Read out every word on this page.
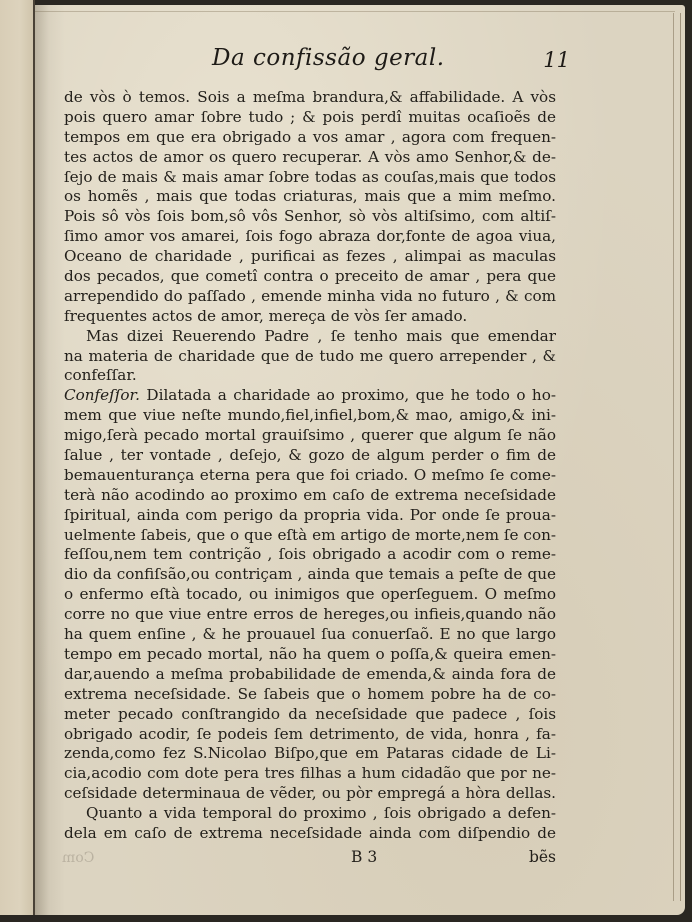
Da confissão geral.	11
de vòs ò temos. Sois a meſma brandura,& affabilidade. A vòs
pois quero amar ſobre tudo ; & pois perdî muitas ocaſioẽs de
tempos em que era obrigado a vos amar , agora com frequen-
tes actos de amor os quero recuperar. A vòs amo Senhor,& de-
ſejo de mais & mais amar ſobre todas as couſas,mais que todos
os homẽs , mais que todas criaturas, mais que a mim meſmo.
Pois sô vòs ſois bom,sô vôs Senhor, sò vòs altiſsimo, com altiſ-
ſimo amor vos amarei, ſois fogo abraza dor,fonte de agoa viua,
Oceano de charidade , purificai as fezes , alimpai as maculas
dos pecados, que cometî contra o preceito de amar , pera que
arrependido do paſſado , emende minha vida no futuro , & com
frequentes actos de amor, mereça de vòs ſer amado.
Mas dizei Reuerendo Padre , ſe tenho mais que emendar
na materia de charidade que de tudo me quero arrepender , &
confeſſar.
Confeſſor. Dilatada a charidade ao proximo, que he todo o ho-
mem que viue neſte mundo,fiel,infiel,bom,& mao, amigo,& ini-
migo,ſerà pecado mortal grauiſsimo , querer que algum ſe não
ſalue , ter vontade , deſejo, & gozo de algum perder o fim de
bemauenturança eterna pera que foi criado. O meſmo ſe come-
terà não acodindo ao proximo em caſo de extrema neceſsidade
ſpiritual, ainda com perigo da propria vida. Por onde ſe proua-
uelmente ſabeis, que o que eſtà em artigo de morte,nem ſe con-
feſſou,nem tem contrição , ſois obrigado a acodir com o reme-
dio da confiſsão,ou contriçam , ainda que temais a peſte de que
o enfermo eſtà tocado, ou inimigos que operſeguem. O meſmo
corre no que viue entre erros de hereges,ou infieis,quando não
ha quem enſine , & he prouauel ſua conuerſaõ. E no que largo
tempo em pecado mortal, não ha quem o poſſa,& queira emen-
dar,auendo a meſma probabilidade de emenda,& ainda fora de
extrema neceſsidade. Se ſabeis que o homem pobre ha de co-
meter pecado conſtrangido da neceſsidade que padece , ſois
obrigado acodir, ſe podeis ſem detrimento, de vida, honra , fa-
zenda,como fez S.Nicolao Biſpo,que em Pataras cidade de Li-
cia,acodio com dote pera tres filhas a hum cidadão que por ne-
ceſsidade determinaua de vẽder, ou pòr empregá a hòra dellas.
Quanto a vida temporal do proximo , ſois obrigado a defen-
dela em caſo de extrema neceſsidade ainda com diſpendio de
Com	B 3	bẽs
